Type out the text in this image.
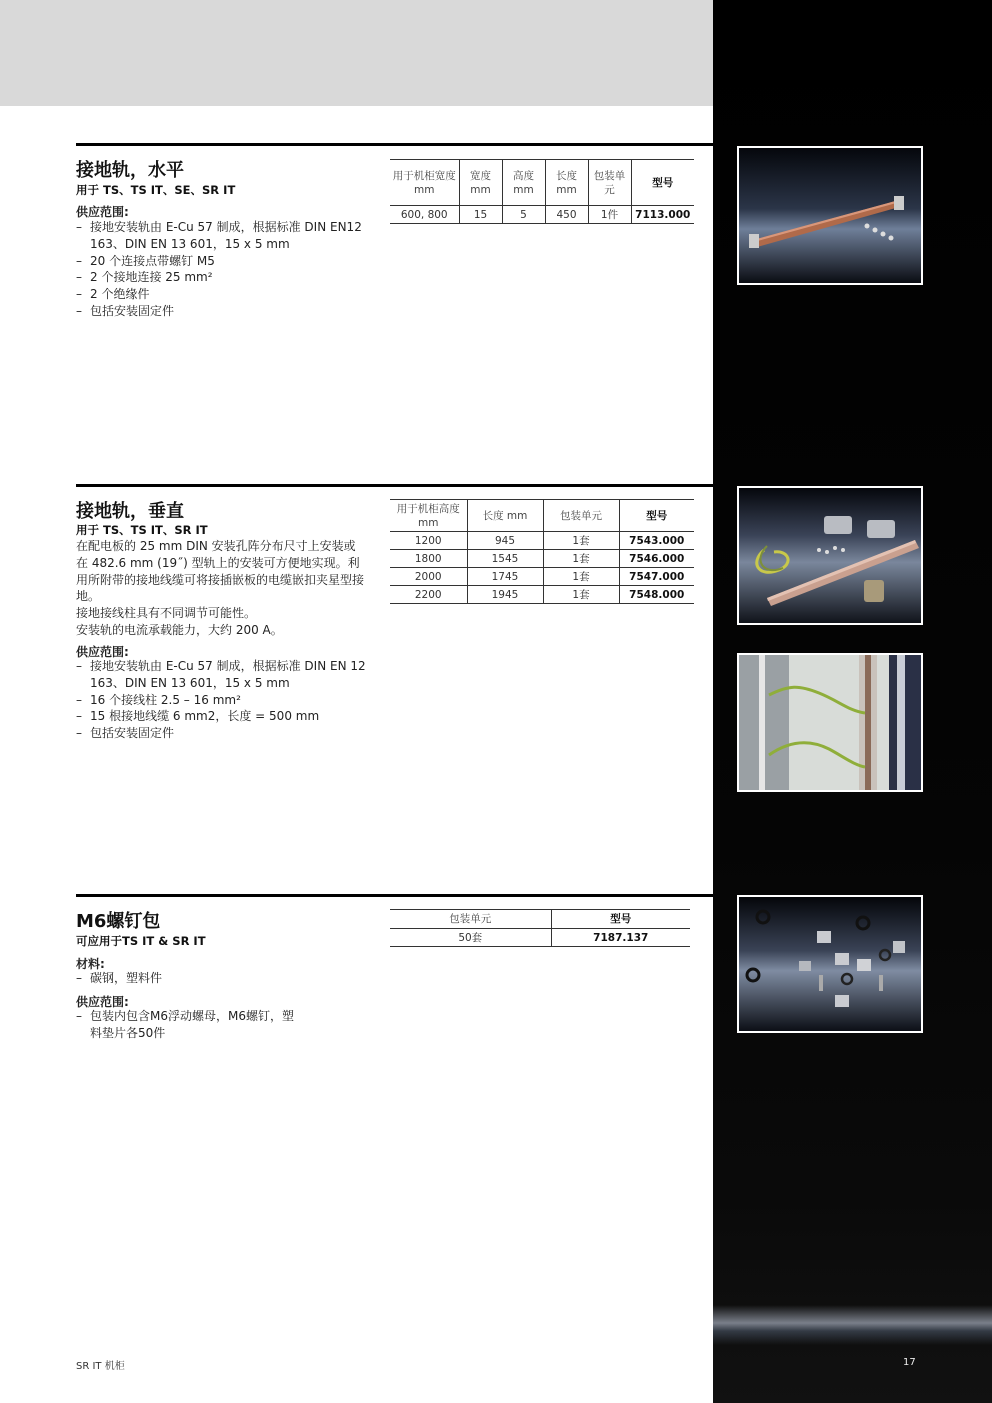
接地轨，水平
用于 TS、TS IT、SE、SR IT
供应范围:
– 接地安装轨由 E-Cu 57 制成，根据标准 DIN EN12 163、DIN EN 13 601，15 x 5 mm
– 20 个连接点带螺钉 M5
– 2 个接地连接 25 mm²
– 2 个绝缘件
– 包括安装固定件
用于机柜宽度 mm	宽度 mm	高度 mm	长度 mm	包装单元	型号
600, 800	15	5	450	1件	7113.000
接地轨，垂直
用于 TS、TS IT、SR IT
在配电板的 25 mm DIN 安装孔阵分布尺寸上安装或在 482.6 mm (19˝) 型轨上的安装可方便地实现。利用所附带的接地线缆可将接插嵌板的电缆嵌扣夹星型接地。
接地接线柱具有不同调节可能性。
安装轨的电流承载能力，大约 200 A。
供应范围:
– 接地安装轨由 E-Cu 57 制成，根据标准 DIN EN 12 163、DIN EN 13 601，15 x 5 mm
– 16 个接线柱 2.5 – 16 mm²
– 15 根接地线缆 6 mm2，长度 = 500 mm
– 包括安装固定件
用于机柜高度 mm	长度 mm	包装单元	型号
1200	945	1套	7543.000
1800	1545	1套	7546.000
2000	1745	1套	7547.000
2200	1945	1套	7548.000
M6螺钉包
可应用于TS IT & SR IT
材料:
– 碳钢，塑料件
供应范围:
– 包装内包含M6浮动螺母，M6螺钉，塑料垫片各50件
包装单元	型号
50套	7187.137
SR IT 机柜	17
